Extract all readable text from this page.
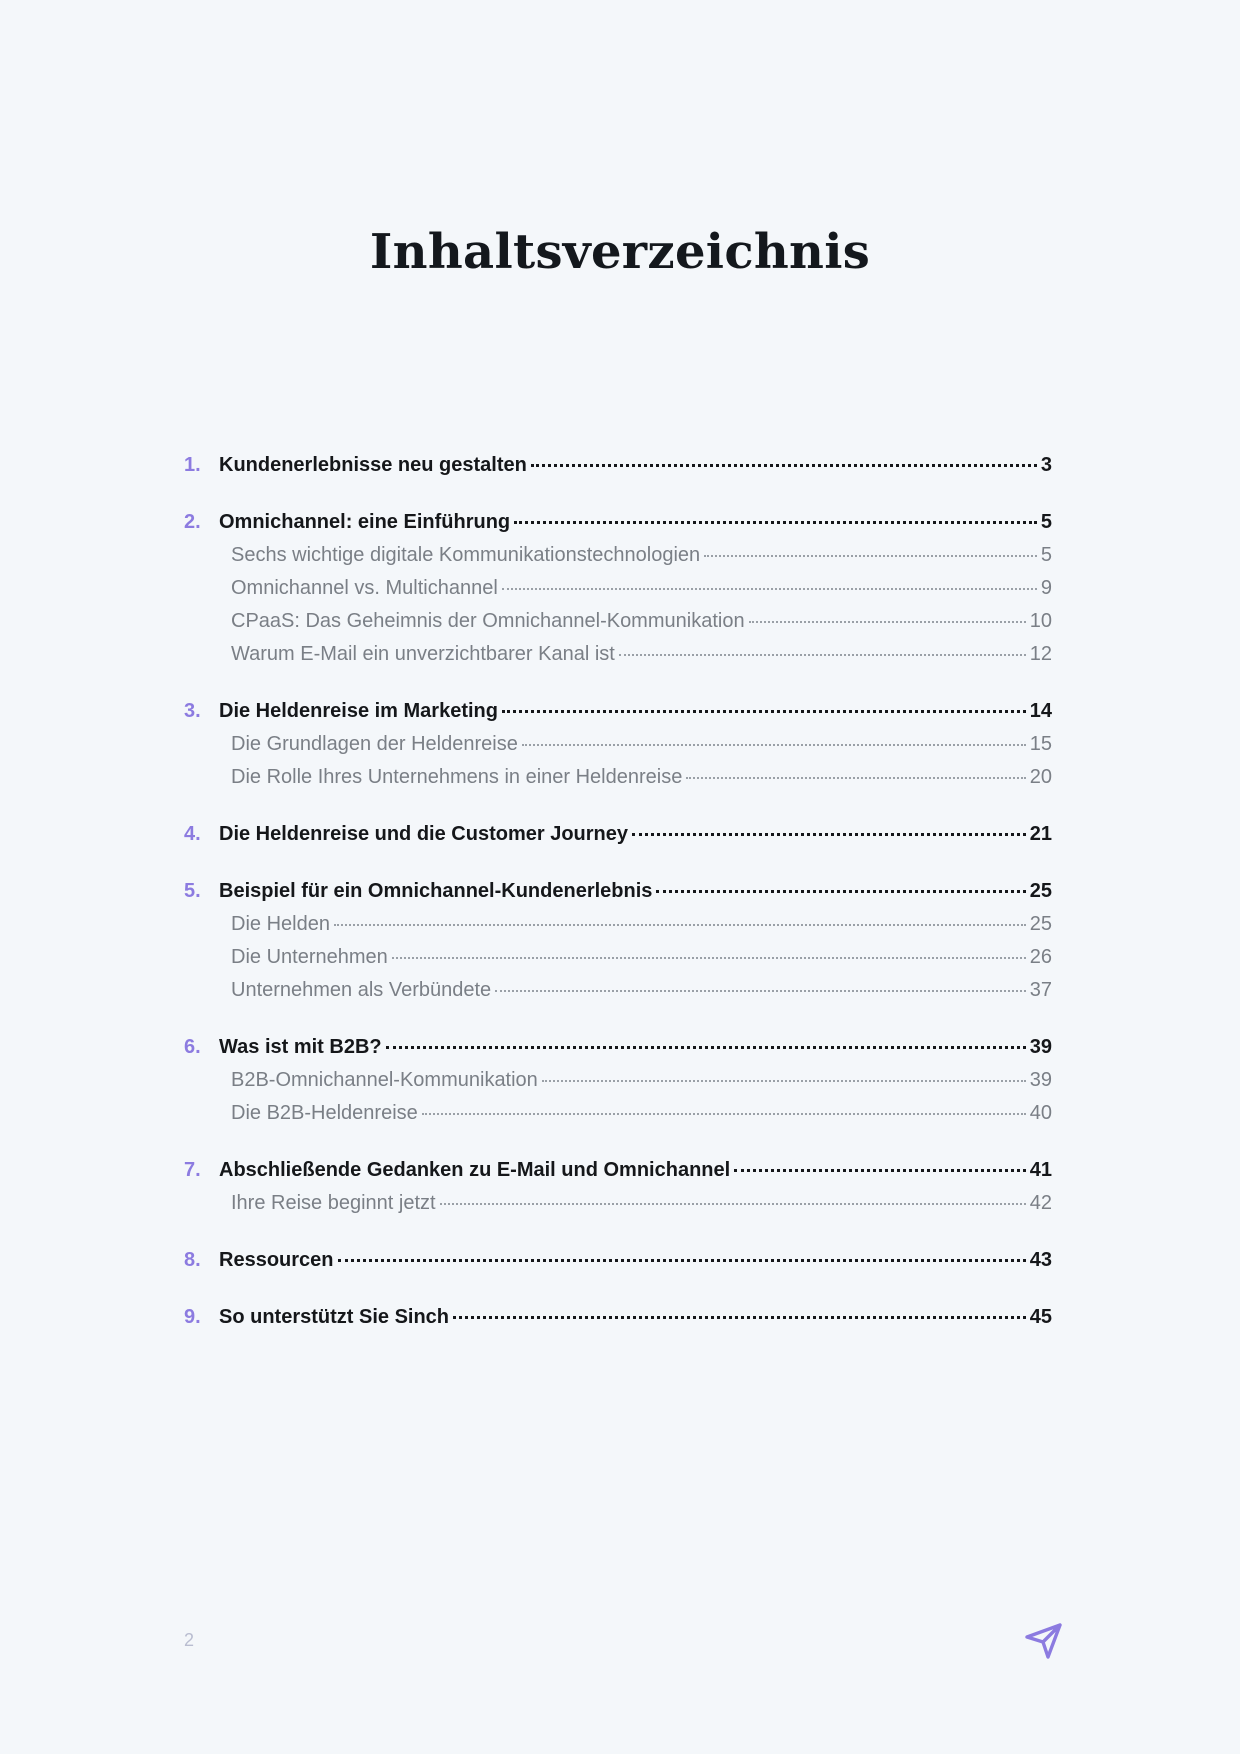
Inhaltsverzeichnis
1. Kundenerlebnisse neu gestalten	3
2. Omnichannel: eine Einführung	5
Sechs wichtige digitale Kommunikationstechnologien	5
Omnichannel vs. Multichannel	9
CPaaS: Das Geheimnis der Omnichannel-Kommunikation	10
Warum E-Mail ein unverzichtbarer Kanal ist	12
3. Die Heldenreise im Marketing	14
Die Grundlagen der Heldenreise	15
Die Rolle Ihres Unternehmens in einer Heldenreise	20
4. Die Heldenreise und die Customer Journey	21
5. Beispiel für ein Omnichannel-Kundenerlebnis	25
Die Helden	25
Die Unternehmen	26
Unternehmen als Verbündete	37
6. Was ist mit B2B?	39
B2B-Omnichannel-Kommunikation	39
Die B2B-Heldenreise	40
7. Abschließende Gedanken zu E-Mail und Omnichannel	41
Ihre Reise beginnt jetzt	42
8. Ressourcen	43
9. So unterstützt Sie Sinch	45
2
